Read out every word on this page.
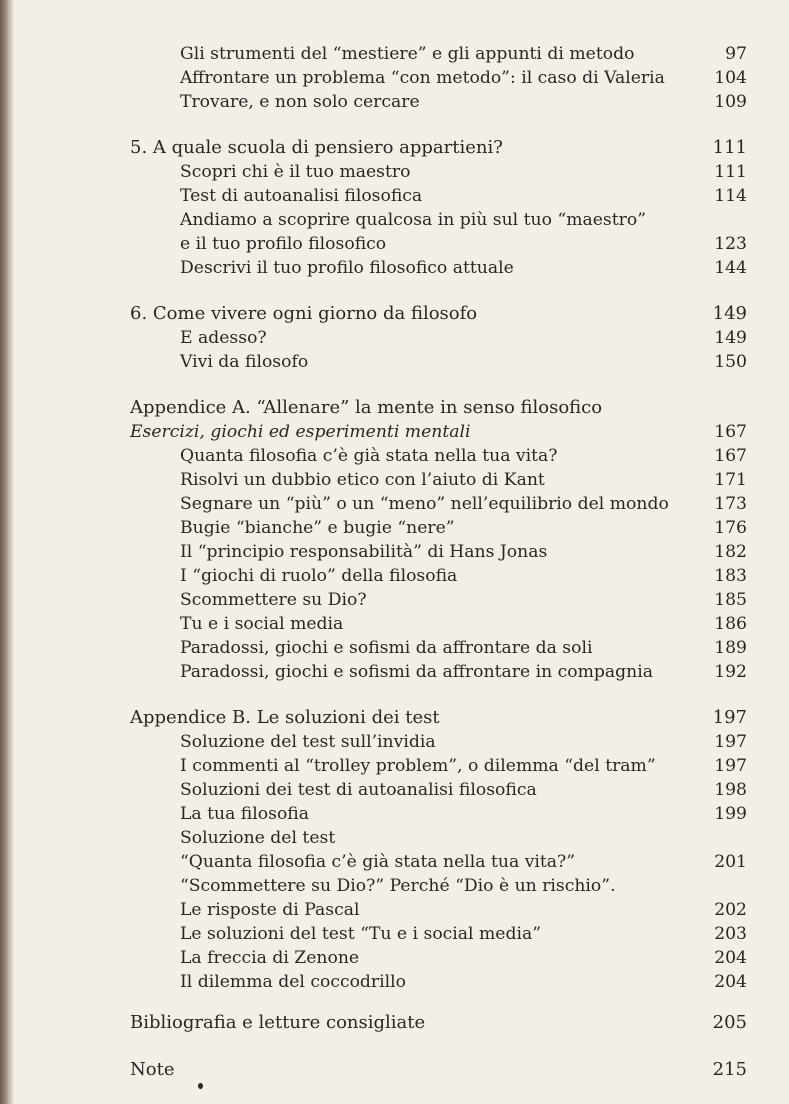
Gli strumenti del “mestiere” e gli appunti di metodo	97
Affrontare un problema “con metodo”: il caso di Valeria	104
Trovare, e non solo cercare	109
5. A quale scuola di pensiero appartieni?	111
Scopri chi è il tuo maestro	111
Test di autoanalisi filosofica	114
Andiamo a scoprire qualcosa in più sul tuo “maestro”
e il tuo profilo filosofico	123
Descrivi il tuo profilo filosofico attuale	144
6. Come vivere ogni giorno da filosofo	149
E adesso?	149
Vivi da filosofo	150
Appendice A. “Allenare” la mente in senso filosofico
Esercizi, giochi ed esperimenti mentali	167
Quanta filosofia c’è già stata nella tua vita?	167
Risolvi un dubbio etico con l’aiuto di Kant	171
Segnare un “più” o un “meno” nell’equilibrio del mondo	173
Bugie “bianche” e bugie “nere”	176
Il “principio responsabilità” di Hans Jonas	182
I “giochi di ruolo” della filosofia	183
Scommettere su Dio?	185
Tu e i social media	186
Paradossi, giochi e sofismi da affrontare da soli	189
Paradossi, giochi e sofismi da affrontare in compagnia	192
Appendice B. Le soluzioni dei test	197
Soluzione del test sull’invidia	197
I commenti al “trolley problem”, o dilemma “del tram”	197
Soluzioni dei test di autoanalisi filosofica	198
La tua filosofia	199
Soluzione del test
“Quanta filosofia c’è già stata nella tua vita?”	201
“Scommettere su Dio?” Perché “Dio è un rischio”.
Le risposte di Pascal	202
Le soluzioni del test “Tu e i social media”	203
La freccia di Zenone	204
Il dilemma del coccodrillo	204
Bibliografia e letture consigliate	205
Note	215
